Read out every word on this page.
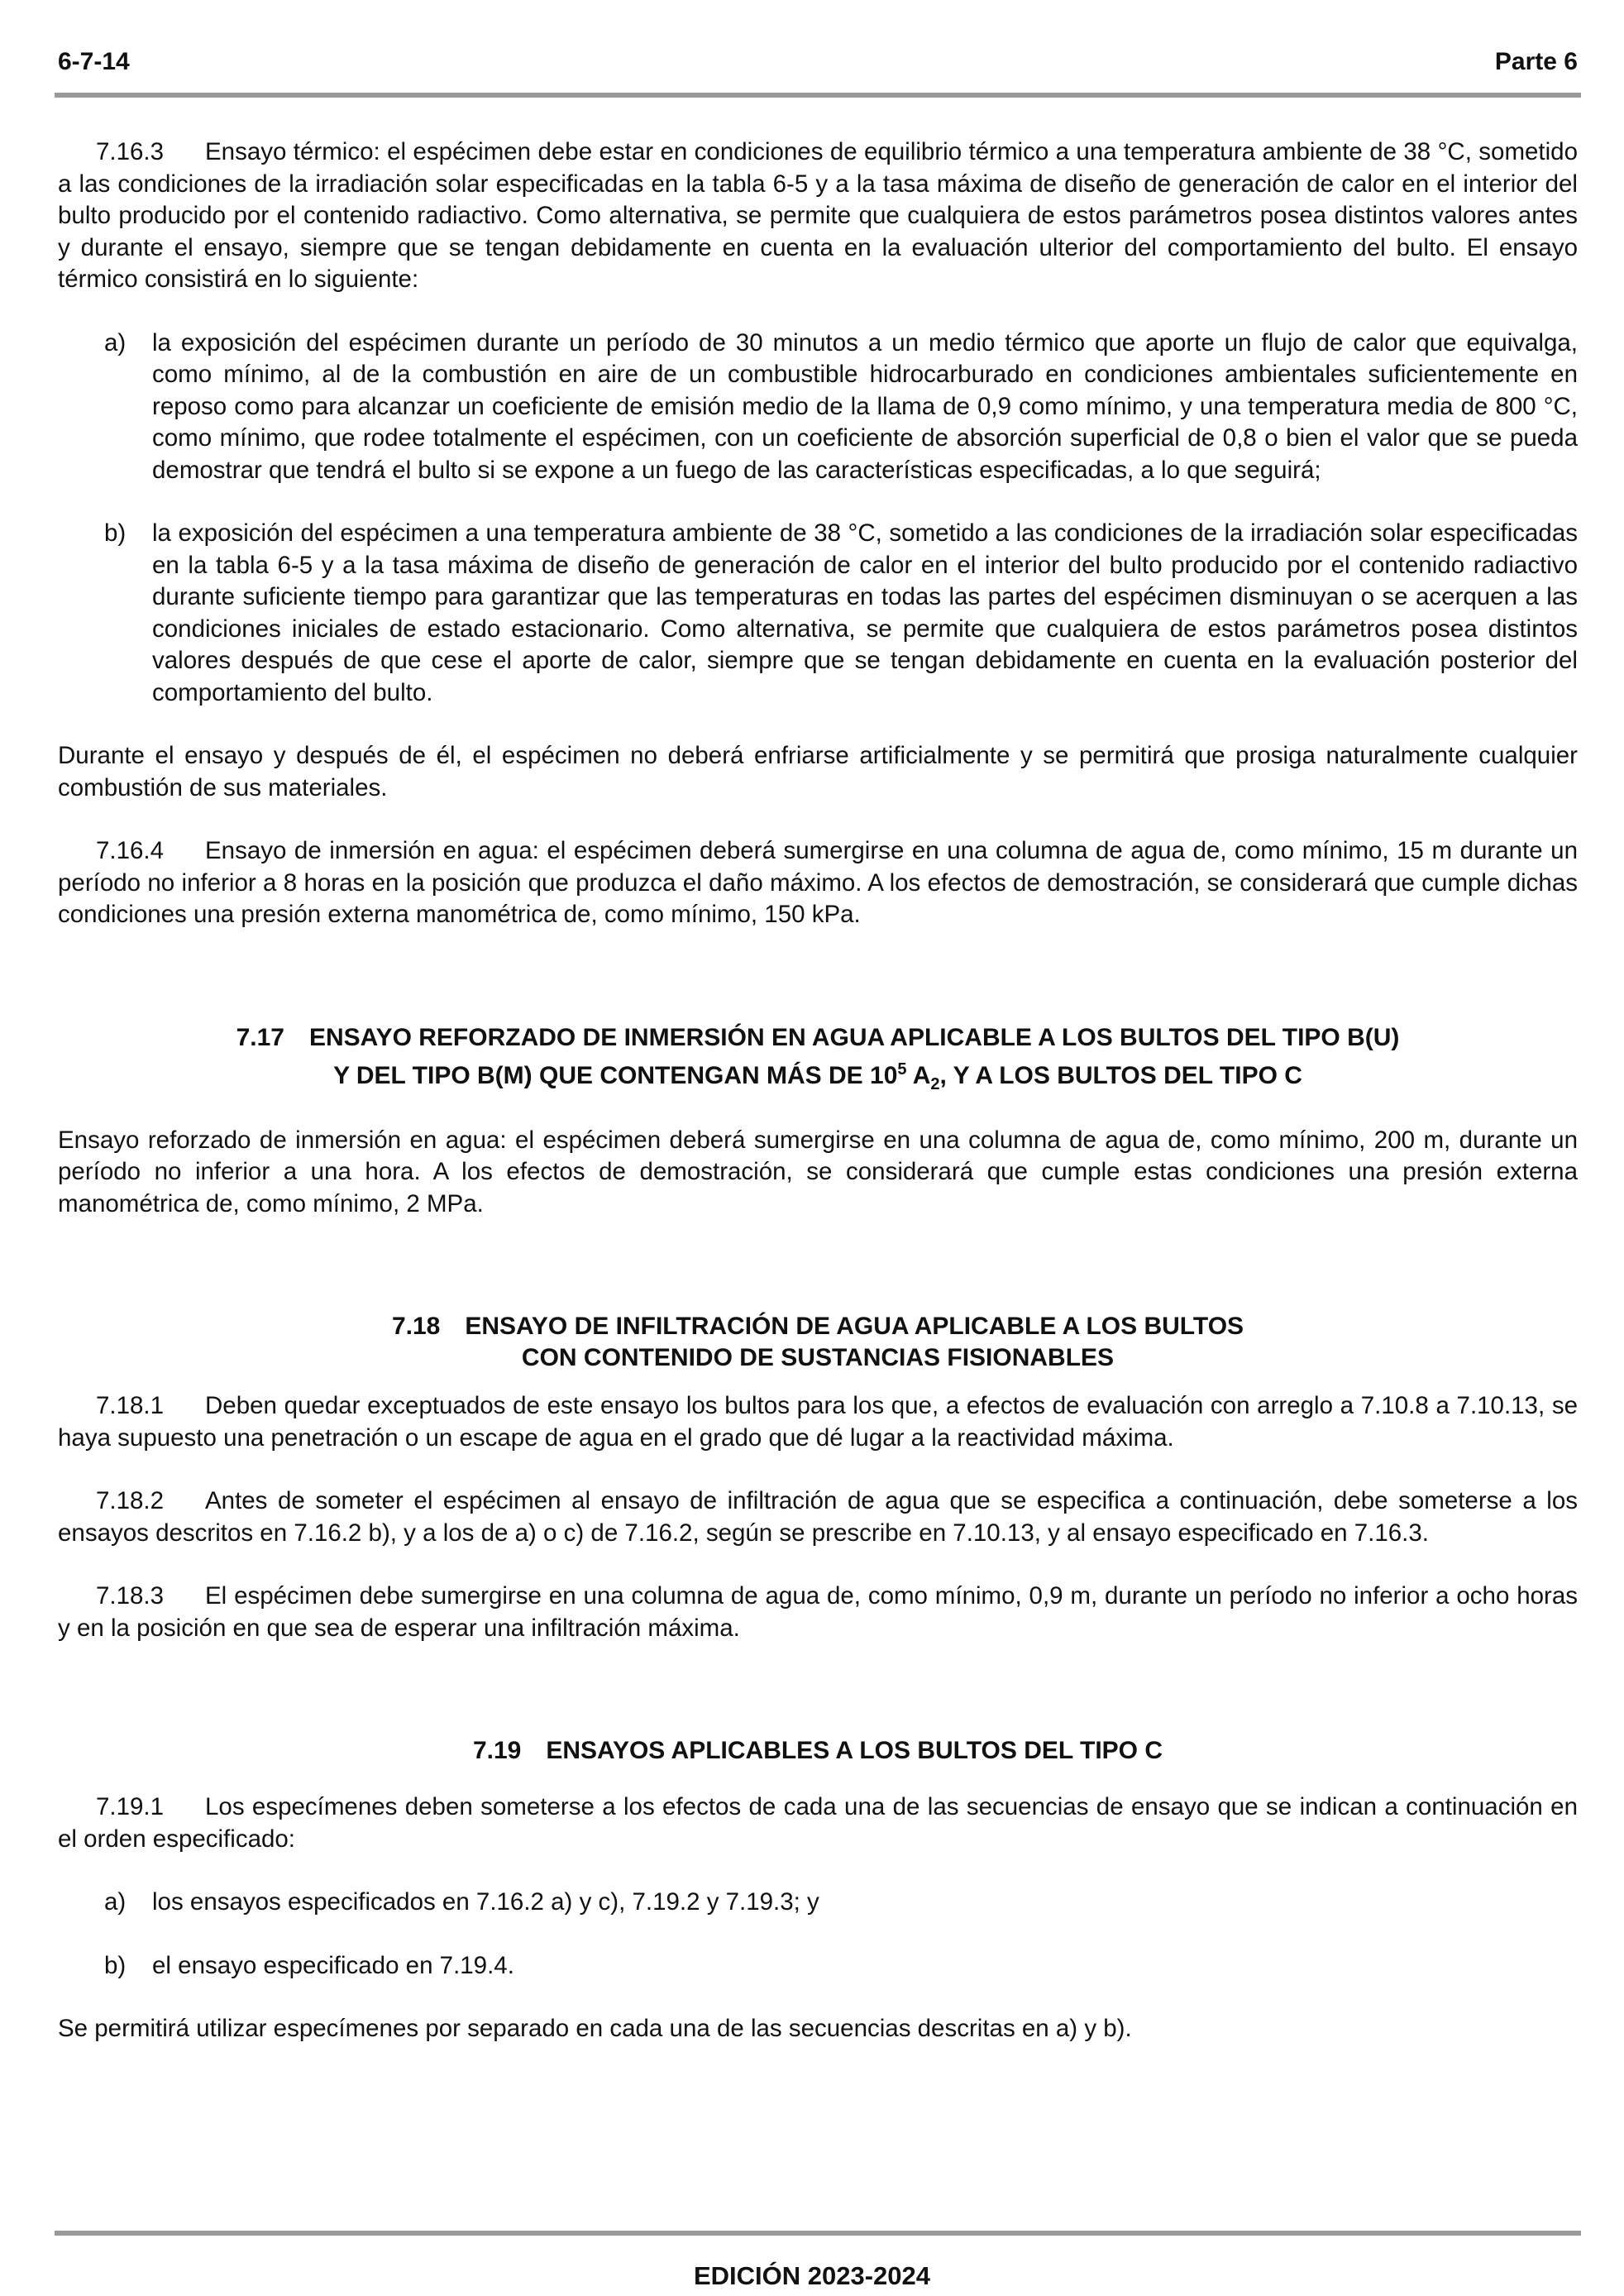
6-7-14	Parte 6

7.16.3 Ensayo térmico: el espécimen debe estar en condiciones de equilibrio térmico a una temperatura ambiente de 38 °C, sometido a las condiciones de la irradiación solar especificadas en la tabla 6-5 y a la tasa máxima de diseño de generación de calor en el interior del bulto producido por el contenido radiactivo. Como alternativa, se permite que cualquiera de estos parámetros posea distintos valores antes y durante el ensayo, siempre que se tengan debidamente en cuenta en la evaluación ulterior del comportamiento del bulto. El ensayo térmico consistirá en lo siguiente:

a)	la exposición del espécimen durante un período de 30 minutos a un medio térmico que aporte un flujo de calor que equivalga, como mínimo, al de la combustión en aire de un combustible hidrocarburado en condiciones ambientales suficientemente en reposo como para alcanzar un coeficiente de emisión medio de la llama de 0,9 como mínimo, y una temperatura media de 800 °C, como mínimo, que rodee totalmente el espécimen, con un coeficiente de absorción superficial de 0,8 o bien el valor que se pueda demostrar que tendrá el bulto si se expone a un fuego de las características especificadas, a lo que seguirá;
b)	la exposición del espécimen a una temperatura ambiente de 38 °C, sometido a las condiciones de la irradiación solar especificadas en la tabla 6-5 y a la tasa máxima de diseño de generación de calor en el interior del bulto producido por el contenido radiactivo durante suficiente tiempo para garantizar que las temperaturas en todas las partes del espécimen disminuyan o se acerquen a las condiciones iniciales de estado estacionario. Como alternativa, se permite que cualquiera de estos parámetros posea distintos valores después de que cese el aporte de calor, siempre que se tengan debidamente en cuenta en la evaluación posterior del comportamiento del bulto.

Durante el ensayo y después de él, el espécimen no deberá enfriarse artificialmente y se permitirá que prosiga naturalmente cualquier combustión de sus materiales.

7.16.4 Ensayo de inmersión en agua: el espécimen deberá sumergirse en una columna de agua de, como mínimo, 15 m durante un período no inferior a 8 horas en la posición que produzca el daño máximo. A los efectos de demostración, se considerará que cumple dichas condiciones una presión externa manométrica de, como mínimo, 150 kPa.

7.17 ENSAYO REFORZADO DE INMERSIÓN EN AGUA APLICABLE A LOS BULTOS DEL TIPO B(U)
Y DEL TIPO B(M) QUE CONTENGAN MÁS DE $10^5$ $A_2$, Y A LOS BULTOS DEL TIPO C

Ensayo reforzado de inmersión en agua: el espécimen deberá sumergirse en una columna de agua de, como mínimo, 200 m, durante un período no inferior a una hora. A los efectos de demostración, se considerará que cumple estas condiciones una presión externa manométrica de, como mínimo, 2 MPa.

7.18 ENSAYO DE INFILTRACIÓN DE AGUA APLICABLE A LOS BULTOS
CON CONTENIDO DE SUSTANCIAS FISIONABLES

7.18.1 Deben quedar exceptuados de este ensayo los bultos para los que, a efectos de evaluación con arreglo a 7.10.8 a 7.10.13, se haya supuesto una penetración o un escape de agua en el grado que dé lugar a la reactividad máxima.

7.18.2 Antes de someter el espécimen al ensayo de infiltración de agua que se especifica a continuación, debe someterse a los ensayos descritos en 7.16.2 b), y a los de a) o c) de 7.16.2, según se prescribe en 7.10.13, y al ensayo especificado en 7.16.3.

7.18.3 El espécimen debe sumergirse en una columna de agua de, como mínimo, 0,9 m, durante un período no inferior a ocho horas y en la posición en que sea de esperar una infiltración máxima.

7.19 ENSAYOS APLICABLES A LOS BULTOS DEL TIPO C

7.19.1 Los especímenes deben someterse a los efectos de cada una de las secuencias de ensayo que se indican a continuación en el orden especificado:

a)	los ensayos especificados en 7.16.2 a) y c), 7.19.2 y 7.19.3; y
b)	el ensayo especificado en 7.19.4.

Se permitirá utilizar especímenes por separado en cada una de las secuencias descritas en a) y b).

EDICIÓN 2023-2024
